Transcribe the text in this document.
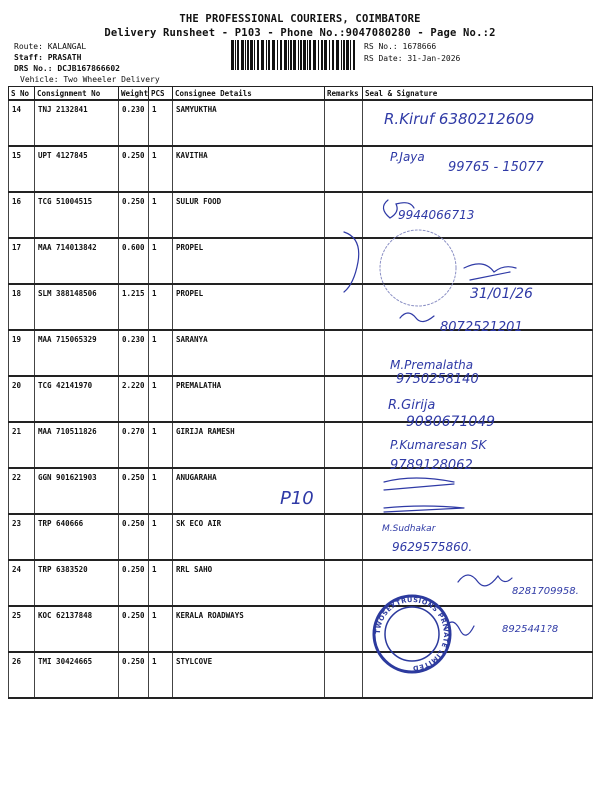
THE PROFESSIONAL COURIERS, COIMBATORE
Delivery Runsheet - P103 - Phone No.:9047080280 - Page No.:2
Route: KALANGAL
Staff: PRASATH
DRS No.: DCJB167866602
Vehicle: Two Wheeler Delivery
RS No.: 1678666
RS Date: 31-Jan-2026
S No	Consignment No	Weight	PCS	Consignee Details	Remarks	Seal & Signature
14	TNJ 2132841	0.230	1	SAMYUKTHA		
15	UPT 4127845	0.250	1	KAVITHA		
16	TCG 51004515	0.250	1	SULUR FOOD		
17	MAA 714013842	0.600	1	PROPEL		
18	SLM 388148506	1.215	1	PROPEL		
19	MAA 715065329	0.230	1	SARANYA		
20	TCG 42141970	2.220	1	PREMALATHA		
21	MAA 710511826	0.270	1	GIRIJA RAMESH		
22	GGN 901621903	0.250	1	ANUGARAHA		
23	TRP 640666	0.250	1	SK ECO AIR		
24	TRP 6383520	0.250	1	RRL SAHO		
25	KOC 62137848	0.250	1	KERALA ROADWAYS		
26	TMI 30424665	0.250	1	STYLCOVE		
R.Kiruf 6380212609
P.Jaya
99765 - 15077
9944066713
31/01/26
8072521201
M.Premalatha
9750258140
R.Girija
9080671049
P.Kumaresan SK
9789128062
P10
M.Sudhakar
9629575860.
8281709958.
8925441?8
TWOSEXTRUSIONS PRIVATE LIMITED
